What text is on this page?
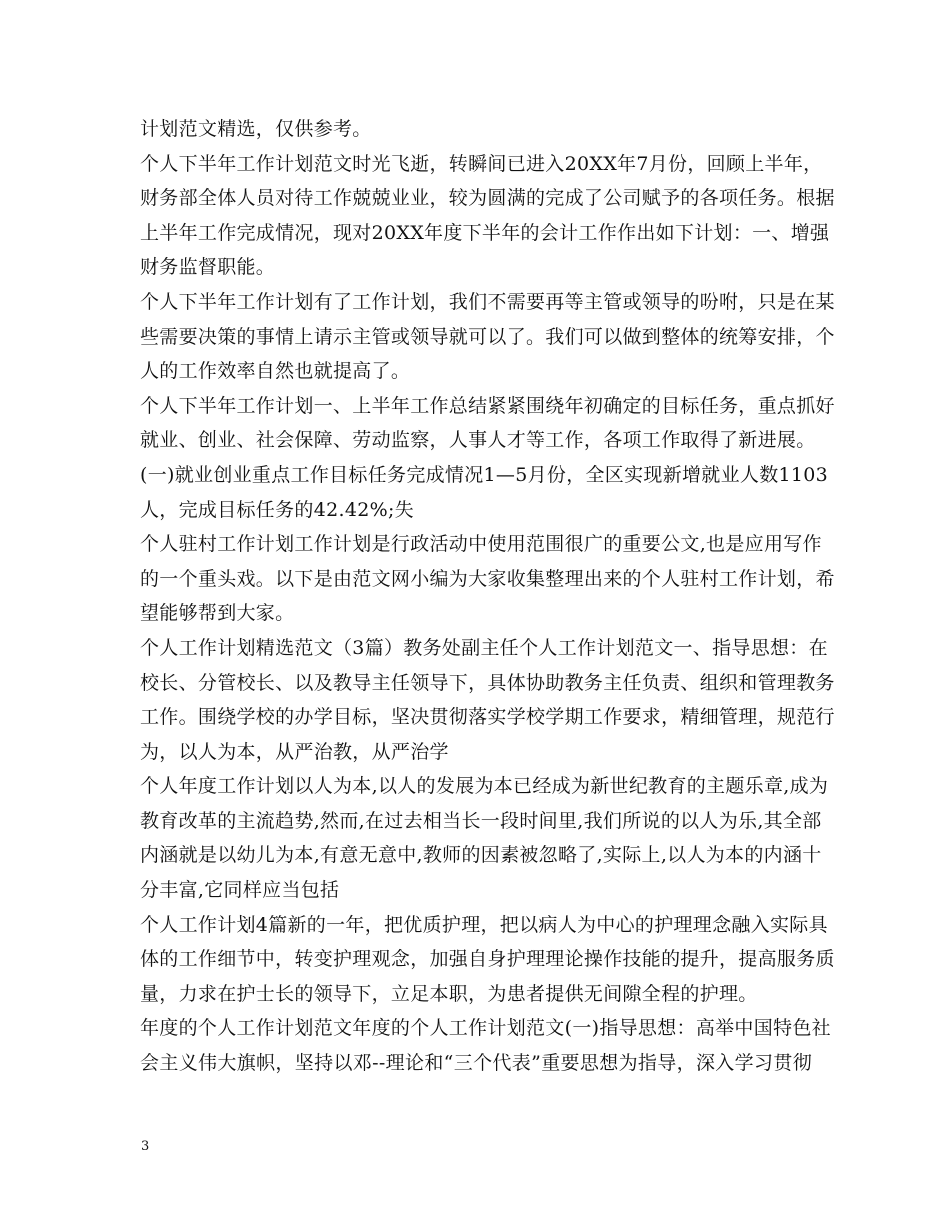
计划范文精选，仅供参考。
个人下半年工作计划范文时光飞逝，转瞬间已进入20XX年7月份，回顾上半年，
财务部全体人员对待工作兢兢业业，较为圆满的完成了公司赋予的各项任务。根据
上半年工作完成情况，现对20XX年度下半年的会计工作作出如下计划：一、增强
财务监督职能。
个人下半年工作计划有了工作计划，我们不需要再等主管或领导的吩咐，只是在某
些需要决策的事情上请示主管或领导就可以了。我们可以做到整体的统筹安排，个
人的工作效率自然也就提高了。
个人下半年工作计划一、上半年工作总结紧紧围绕年初确定的目标任务，重点抓好
就业、创业、社会保障、劳动监察，人事人才等工作，各项工作取得了新进展。
(一)就业创业重点工作目标任务完成情况1—5月份，全区实现新增就业人数1103
人，完成目标任务的42.42%;失
个人驻村工作计划工作计划是行政活动中使用范围很广的重要公文,也是应用写作
的一个重头戏。以下是由范文网小编为大家收集整理出来的个人驻村工作计划，希
望能够帮到大家。
个人工作计划精选范文（3篇）教务处副主任个人工作计划范文一、指导思想：在
校长、分管校长、以及教导主任领导下，具体协助教务主任负责、组织和管理教务
工作。围绕学校的办学目标，坚决贯彻落实学校学期工作要求，精细管理，规范行
为，以人为本，从严治教，从严治学
个人年度工作计划以人为本,以人的发展为本已经成为新世纪教育的主题乐章,成为
教育改革的主流趋势,然而,在过去相当长一段时间里,我们所说的以人为乐,其全部
内涵就是以幼儿为本,有意无意中,教师的因素被忽略了,实际上,以人为本的内涵十
分丰富,它同样应当包括
个人工作计划4篇新的一年，把优质护理，把以病人为中心的护理理念融入实际具
体的工作细节中，转变护理观念，加强自身护理理论操作技能的提升，提高服务质
量，力求在护士长的领导下，立足本职，为患者提供无间隙全程的护理。
年度的个人工作计划范文年度的个人工作计划范文(一)指导思想：高举中国特色社
会主义伟大旗帜，坚持以邓--理论和“三个代表”重要思想为指导，深入学习贯彻
3
